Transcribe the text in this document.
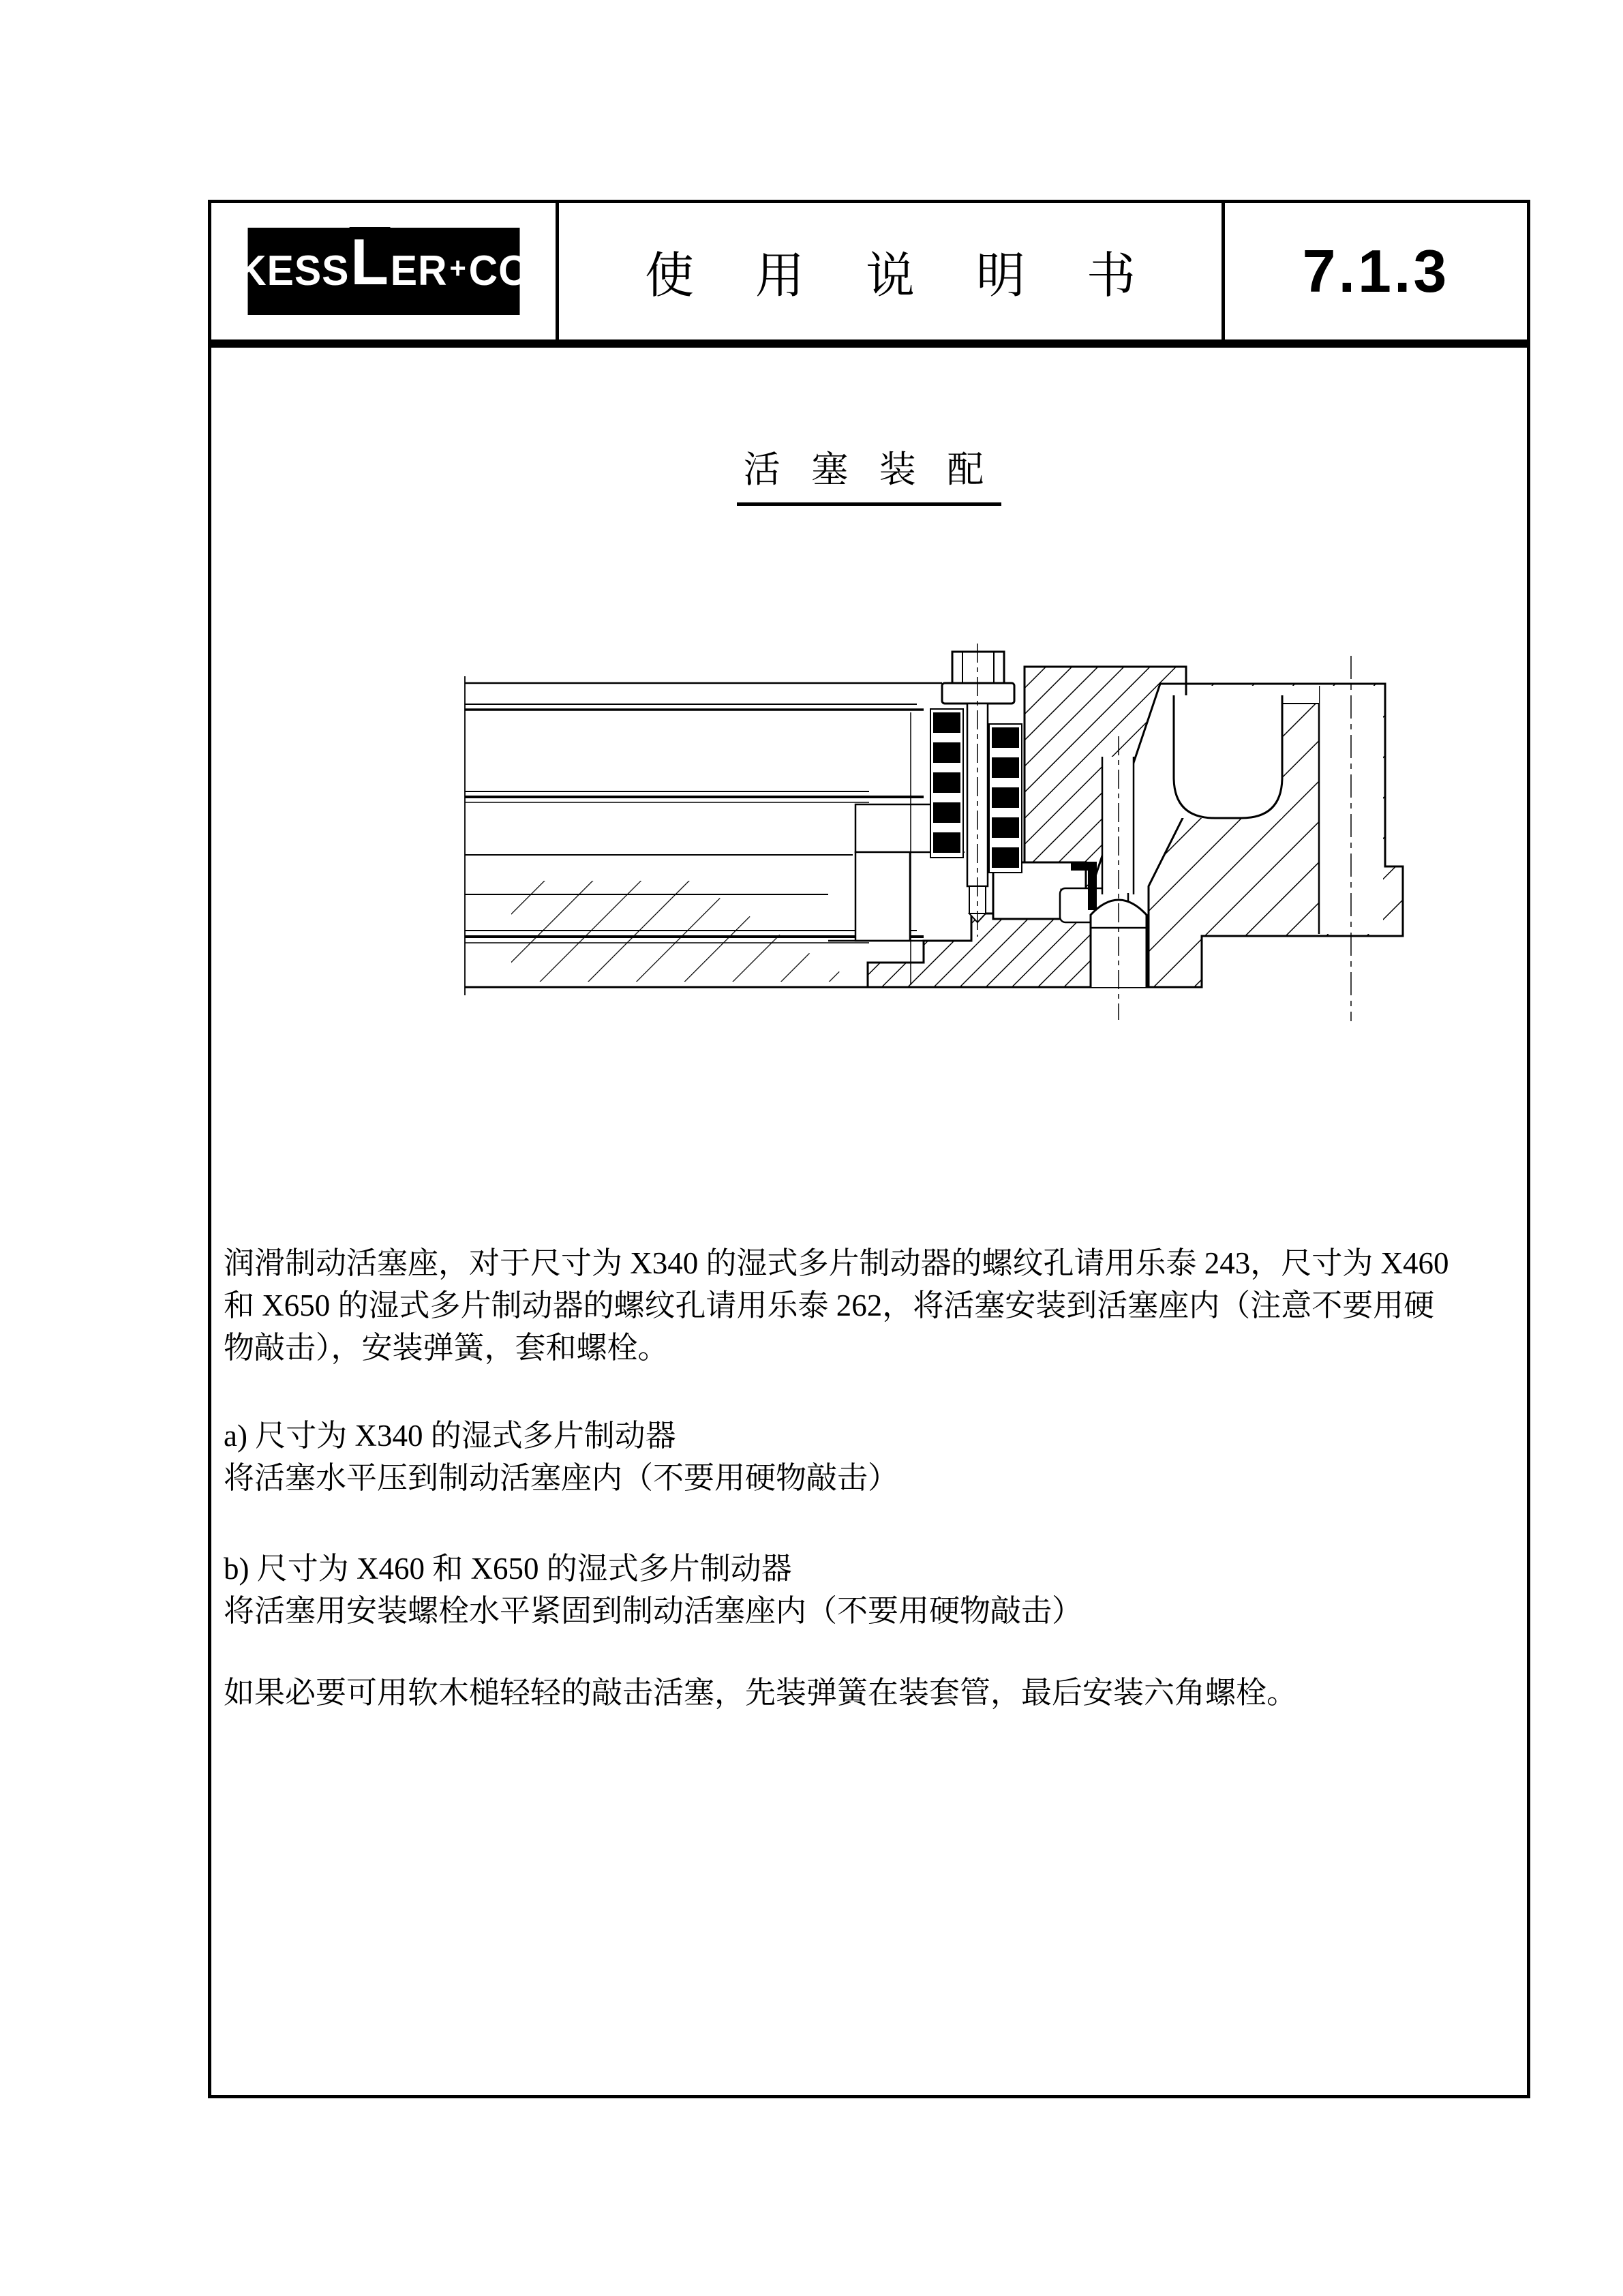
KESS L ER + CO	使 用 说 明 书 7.1.3
活 塞 装 配
润滑制动活塞座，对于尺寸为 X340 的湿式多片制动器的螺纹孔请用乐泰 243，尺寸为 X460
和 X650 的湿式多片制动器的螺纹孔请用乐泰 262，将活塞安装到活塞座内（注意不要用硬
物敲击），安装弹簧，套和螺栓。
a) 尺寸为 X340 的湿式多片制动器
将活塞水平压到制动活塞座内（不要用硬物敲击）
b) 尺寸为 X460 和 X650 的湿式多片制动器
将活塞用安装螺栓水平紧固到制动活塞座内（不要用硬物敲击）
如果必要可用软木槌轻轻的敲击活塞，先装弹簧在装套管，最后安装六角螺栓。
